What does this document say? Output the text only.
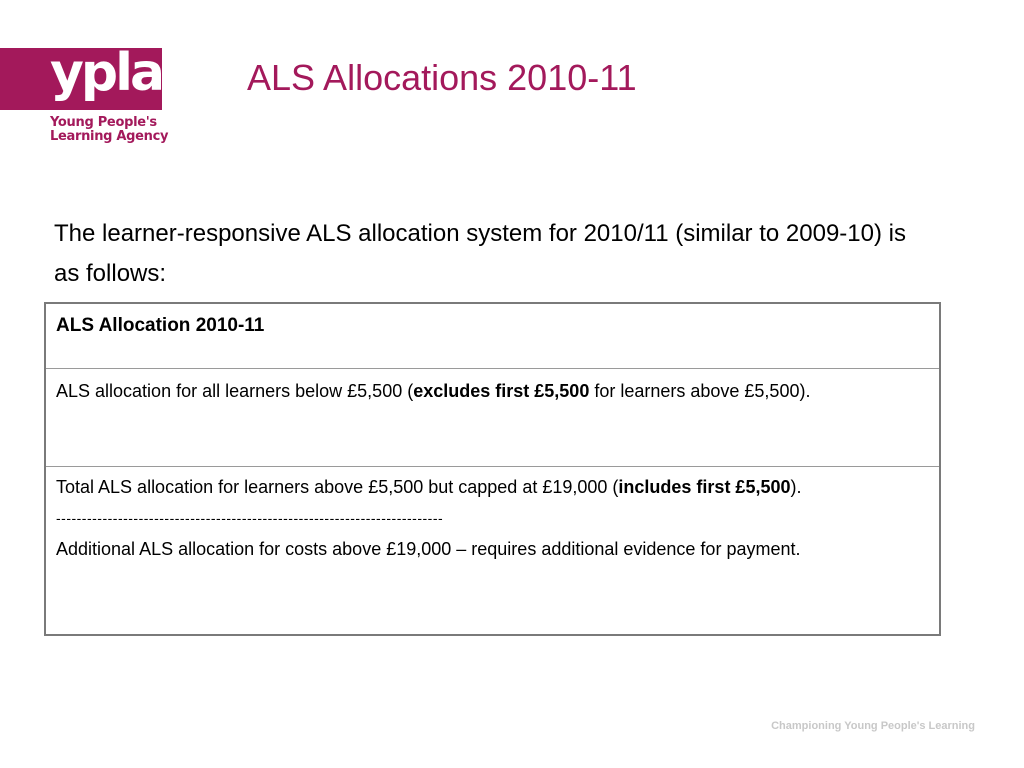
ypla
Young People's
Learning Agency
ALS Allocations 2010-11
The learner-responsive ALS allocation system for 2010/11 (similar to 2009-10) is as follows:
ALS Allocation 2010-11
ALS allocation for all learners below £5,500 (excludes first £5,500 for learners above £5,500).
Total ALS allocation for learners above £5,500 but capped at £19,000 (includes first £5,500).
---------------------------------------------------------------------------
Additional ALS allocation for costs above £19,000 – requires additional evidence for payment.
Championing Young People's Learning
